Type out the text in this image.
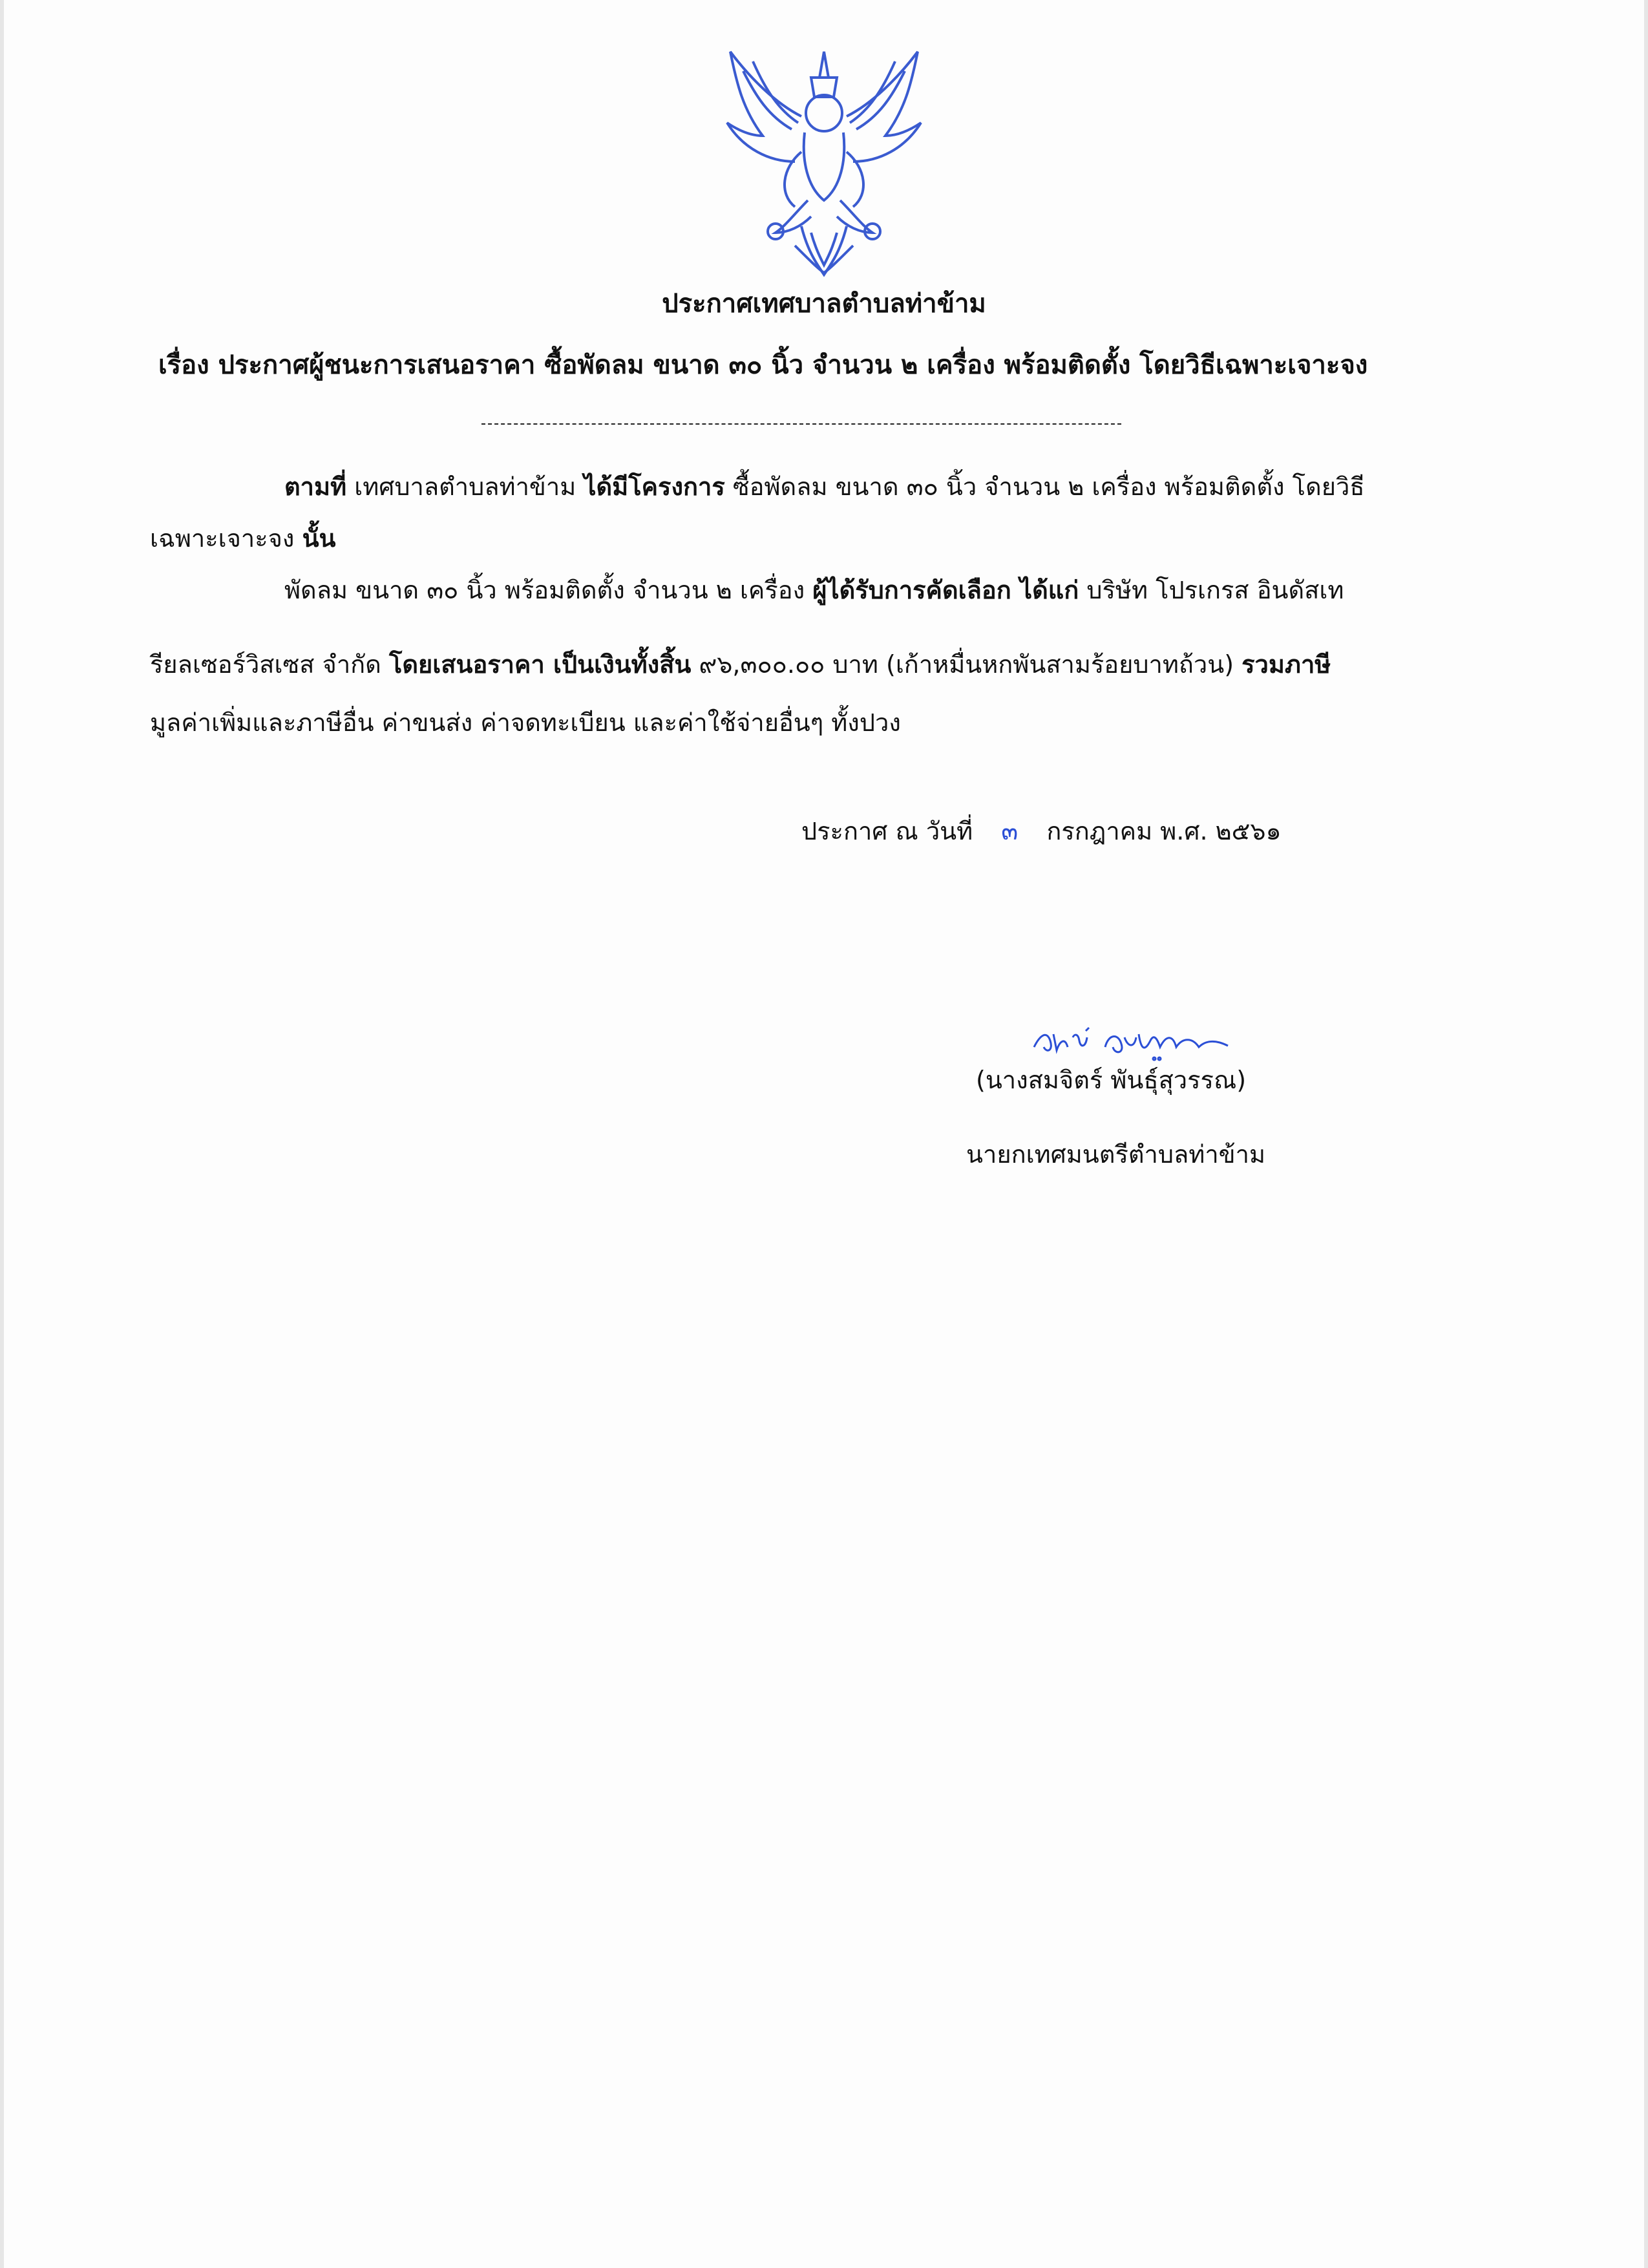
ประกาศเทศบาลตำบลท่าข้าม
เรื่อง ประกาศผู้ชนะการเสนอราคา ซื้อพัดลม ขนาด ๓๐ นิ้ว จำนวน ๒ เครื่อง พร้อมติดตั้ง โดยวิธีเฉพาะเจาะจง
ตามที่ เทศบาลตำบลท่าข้าม ได้มีโครงการ ซื้อพัดลม ขนาด ๓๐ นิ้ว จำนวน ๒ เครื่อง พร้อมติดตั้ง โดยวิธี
เฉพาะเจาะจง นั้น
พัดลม ขนาด ๓๐ นิ้ว พร้อมติดตั้ง จำนวน ๒ เครื่อง ผู้ได้รับการคัดเลือก ได้แก่ บริษัท โปรเกรส อินดัสเท
รียลเซอร์วิสเซส จำกัด โดยเสนอราคา เป็นเงินทั้งสิ้น ๙๖,๓๐๐.๐๐ บาท (เก้าหมื่นหกพันสามร้อยบาทถ้วน) รวมภาษี
มูลค่าเพิ่มและภาษีอื่น ค่าขนส่ง ค่าจดทะเบียน และค่าใช้จ่ายอื่นๆ ทั้งปวง
ประกาศ ณ วันที่ ๓ กรกฎาคม พ.ศ. ๒๕๖๑
(นางสมจิตร์ พันธุ์สุวรรณ)
นายกเทศมนตรีตำบลท่าข้าม
